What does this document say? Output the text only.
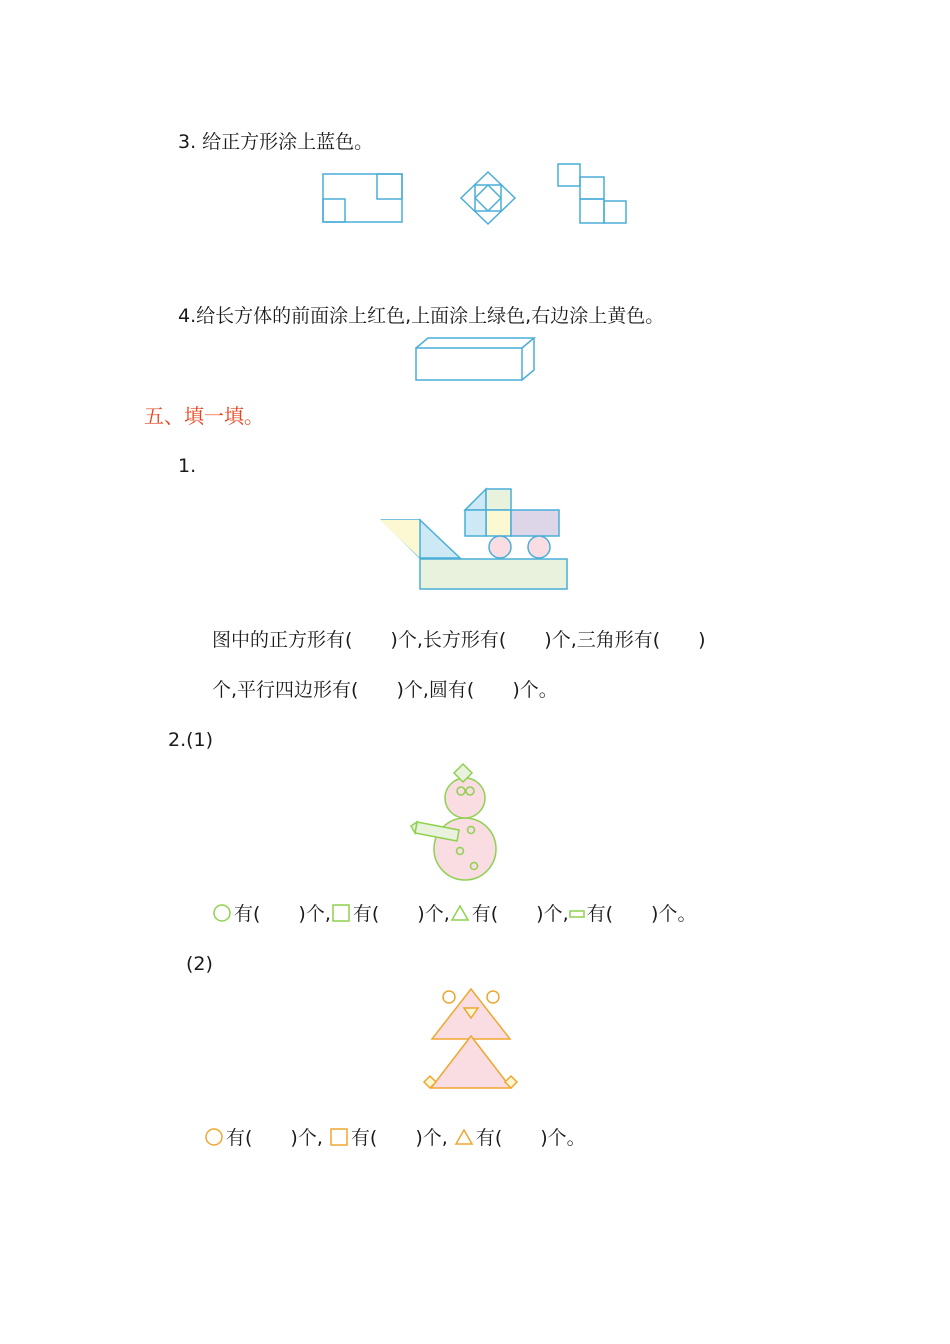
3. 给正方形涂上蓝色。
4.给长方体的前面涂上红色,上面涂上绿色,右边涂上黄色。
五、填一填。
1.
图中的正方形有(　　)个,长方形有(　　)个,三角形有(　　)
个,平行四边形有(　　)个,圆有(　　)个。
2.(1)
有(　　)个, 有(　　)个, 有(　　)个, 有(　　)个。
(2)
有(　　)个, 有(　　)个, 有(　　)个。
